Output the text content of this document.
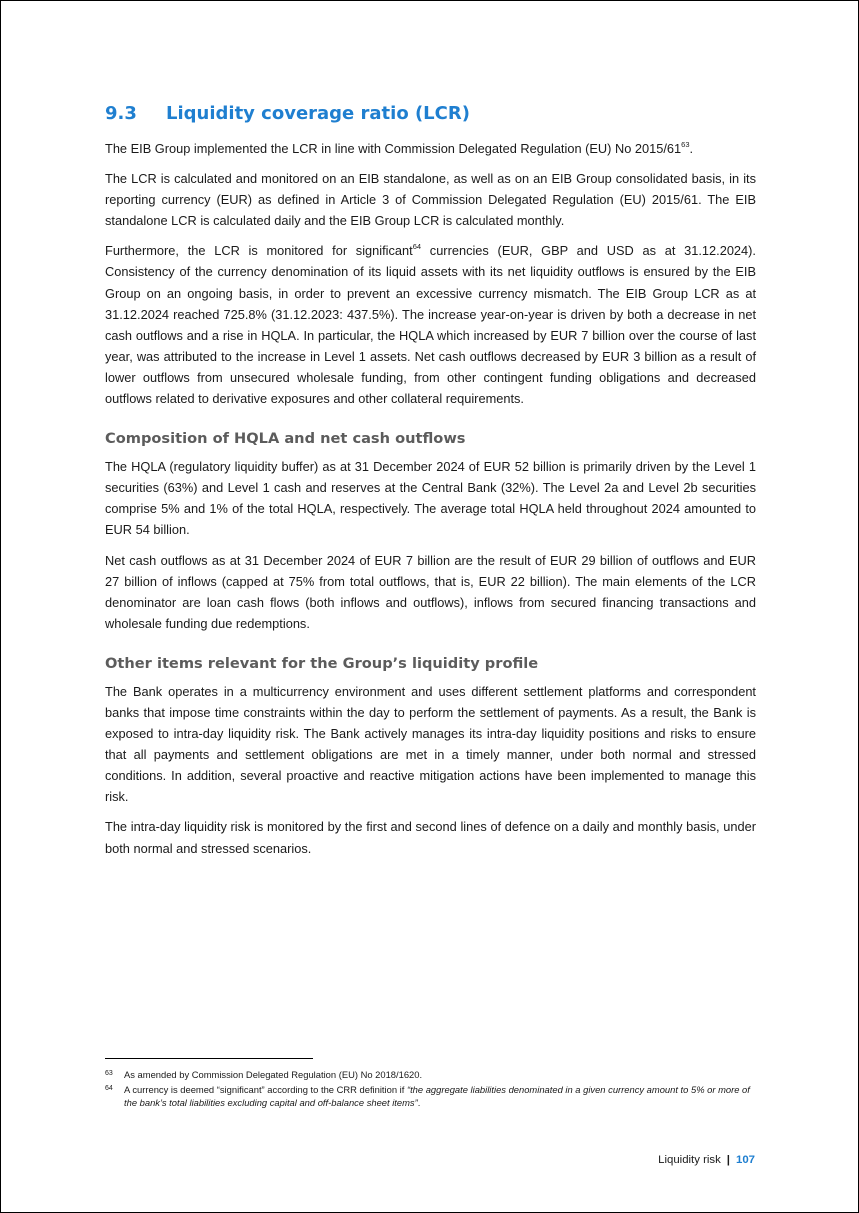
9.3	Liquidity coverage ratio (LCR)

The EIB Group implemented the LCR in line with Commission Delegated Regulation (EU) No $2015/61^{63}$.

The LCR is calculated and monitored on an EIB standalone, as well as on an EIB Group consolidated basis, in its reporting currency (EUR) as defined in Article 3 of Commission Delegated Regulation (EU) 2015/61. The EIB standalone LCR is calculated daily and the EIB Group LCR is calculated monthly.

Furthermore, the LCR is monitored for significant$^{64}$ currencies (EUR, GBP and USD as at 31.12.2024). Consistency of the currency denomination of its liquid assets with its net liquidity outflows is ensured by the EIB Group on an ongoing basis, in order to prevent an excessive currency mismatch. The EIB Group LCR as at 31.12.2024 reached 725.8% (31.12.2023: 437.5%). The increase year-on-year is driven by both a decrease in net cash outflows and a rise in HQLA. In particular, the HQLA which increased by EUR 7 billion over the course of last year, was attributed to the increase in Level 1 assets. Net cash outflows decreased by EUR 3 billion as a result of lower outflows from unsecured wholesale funding, from other contingent funding obligations and decreased outflows related to derivative exposures and other collateral requirements.

Composition of HQLA and net cash outflows

The HQLA (regulatory liquidity buffer) as at 31 December 2024 of EUR 52 billion is primarily driven by the Level 1 securities (63%) and Level 1 cash and reserves at the Central Bank (32%). The Level 2a and Level 2b securities comprise 5% and 1% of the total HQLA, respectively. The average total HQLA held throughout 2024 amounted to EUR 54 billion.

Net cash outflows as at 31 December 2024 of EUR 7 billion are the result of EUR 29 billion of outflows and EUR 27 billion of inflows (capped at 75% from total outflows, that is, EUR 22 billion). The main elements of the LCR denominator are loan cash flows (both inflows and outflows), inflows from secured financing transactions and wholesale funding due redemptions.

Other items relevant for the Group’s liquidity profile

The Bank operates in a multicurrency environment and uses different settlement platforms and correspondent banks that impose time constraints within the day to perform the settlement of payments. As a result, the Bank is exposed to intra-day liquidity risk. The Bank actively manages its intra-day liquidity positions and risks to ensure that all payments and settlement obligations are met in a timely manner, under both normal and stressed conditions. In addition, several proactive and reactive mitigation actions have been implemented to manage this risk.

The intra-day liquidity risk is monitored by the first and second lines of defence on a daily and monthly basis, under both normal and stressed scenarios.

63	As amended by Commission Delegated Regulation (EU) No 2018/1620.
64	A currency is deemed “significant” according to the CRR definition if “the aggregate liabilities denominated in a given currency amount to 5% or more of the bank’s total liabilities excluding capital and off-balance sheet items”.
Liquidity risk | 107
